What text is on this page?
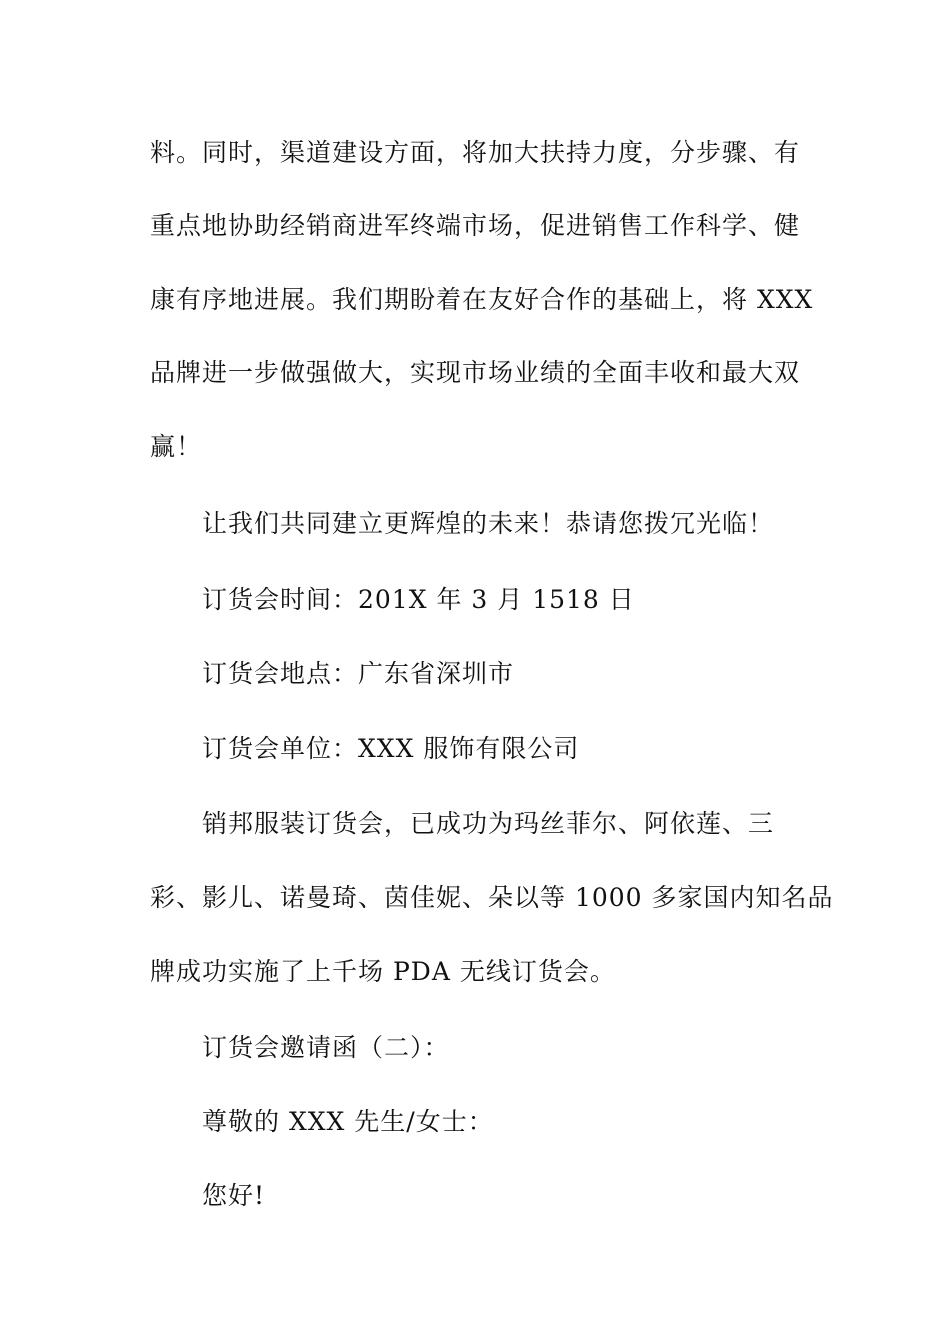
料。同时，渠道建设方面，将加大扶持力度，分步骤、有
重点地协助经销商进军终端市场，促进销售工作科学、健
康有序地进展。我们期盼着在友好合作的基础上，将 XXX
品牌进一步做强做大，实现市场业绩的全面丰收和最大双
赢！
让我们共同建立更辉煌的未来！恭请您拨冗光临！
订货会时间：201X 年 3 月 1518 日
订货会地点：广东省深圳市
订货会单位：XXX 服饰有限公司
销邦服装订货会，已成功为玛丝菲尔、阿依莲、三
彩、影儿、诺曼琦、茵佳妮、朵以等 1000 多家国内知名品
牌成功实施了上千场 PDA 无线订货会。
订货会邀请函（二）：
尊敬的 XXX 先生/女士：
您好!
